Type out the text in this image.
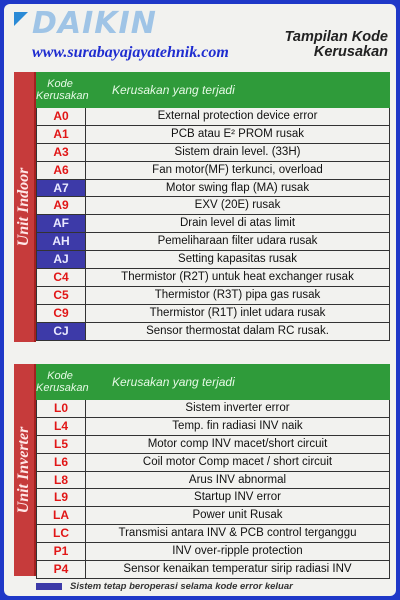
DAIKIN
www.surabayajayatehnik.com
Tampilan Kode
Kerusakan
Unit Indoor
Kode Kerusakan	Kerusakan yang terjadi
A0	External protection device error
A1	PCB atau E² PROM rusak
A3	Sistem drain level. (33H)
A6	Fan motor(MF) terkunci, overload
A7	Motor swing flap (MA) rusak
A9	EXV (20E) rusak
AF	Drain level di atas limit
AH	Pemeliharaan filter udara rusak
AJ	Setting kapasitas rusak
C4	Thermistor (R2T) untuk heat exchanger rusak
C5	Thermistor (R3T) pipa gas rusak
C9	Thermistor (R1T) inlet udara rusak
CJ	Sensor thermostat dalam RC rusak.
Unit Inverter
Kode Kerusakan	Kerusakan yang terjadi
L0	Sistem inverter error
L4	Temp. fin radiasi INV naik
L5	Motor comp INV macet/short circuit
L6	Coil motor Comp macet / short circuit
L8	Arus INV abnormal
L9	Startup INV error
LA	Power unit Rusak
LC	Transmisi antara INV & PCB control terganggu
P1	INV over-ripple protection
P4	Sensor kenaikan temperatur sirip radiasi INV
Sistem tetap beroperasi selama kode error keluar
